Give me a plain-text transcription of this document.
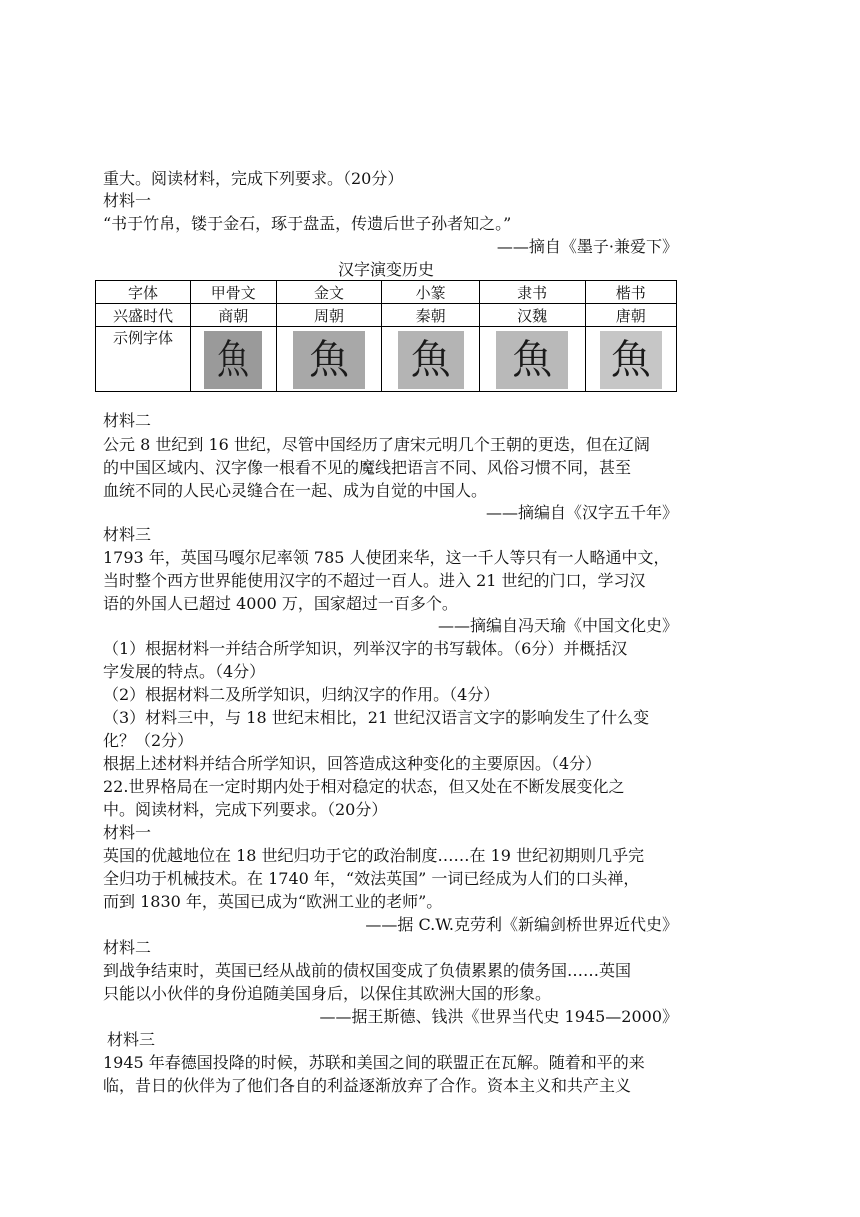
重大。阅读材料，完成下列要求。（20分）
材料一
“书于竹帛，镂于金石，琢于盘盂，传遗后世子孙者知之。”
——摘自《墨子·兼爱下》
汉字演变历史
字体	甲骨文	金文	小篆	隶书	楷书
兴盛时代	商朝	周朝	秦朝	汉魏	唐朝
示例字体	魚	魚	魚	魚	魚
材料二
公元 8 世纪到 16 世纪，尽管中国经历了唐宋元明几个王朝的更迭，但在辽阔
的中国区域内、汉字像一根看不见的魔线把语言不同、风俗习惯不同，甚至
血统不同的人民心灵缝合在一起、成为自觉的中国人。
——摘编自《汉字五千年》
材料三
1793 年，英国马嘎尔尼率领 785 人使团来华，这一千人等只有一人略通中文，
当时整个西方世界能使用汉字的不超过一百人。进入 21 世纪的门口，学习汉
语的外国人已超过 4000 万，国家超过一百多个。
——摘编自冯天瑜《中国文化史》
（1）根据材料一并结合所学知识，列举汉字的书写载体。（6分）并概括汉
字发展的特点。（4分）
（2）根据材料二及所学知识，归纳汉字的作用。（4分）
（3）材料三中，与 18 世纪末相比，21 世纪汉语言文字的影响发生了什么变
化？（2分）
根据上述材料并结合所学知识，回答造成这种变化的主要原因。（4分）
22.世界格局在一定时期内处于相对稳定的状态，但又处在不断发展变化之
中。阅读材料，完成下列要求。（20分）
材料一
英国的优越地位在 18 世纪归功于它的政治制度……在 19 世纪初期则几乎完
全归功于机械技术。在 1740 年，“效法英国” 一词已经成为人们的口头禅，
而到 1830 年，英国已成为“欧洲工业的老师”。
——据 C.W.克劳利《新编剑桥世界近代史》
材料二
到战争结束时，英国已经从战前的债权国变成了负债累累的债务国……英国
只能以小伙伴的身份追随美国身后，以保住其欧洲大国的形象。
——据王斯德、钱洪《世界当代史 1945—2000》
材料三
1945 年春德国投降的时候，苏联和美国之间的联盟正在瓦解。随着和平的来
临，昔日的伙伴为了他们各自的利益逐渐放弃了合作。资本主义和共产主义
